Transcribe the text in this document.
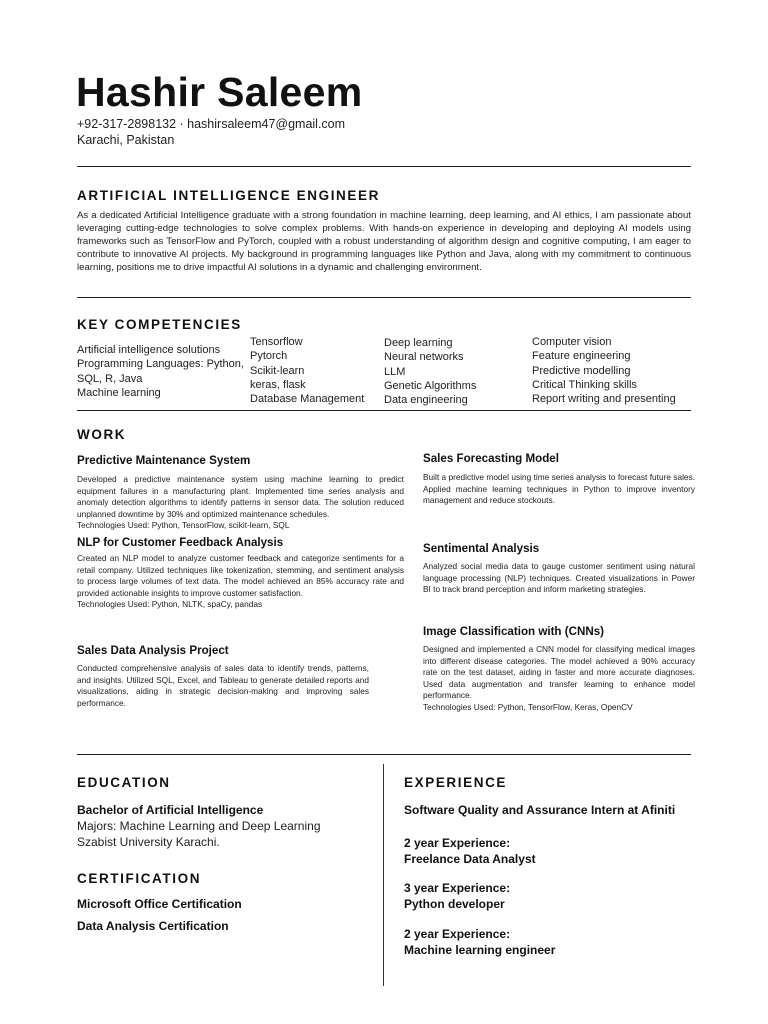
Hashir Saleem
+92-317-2898132 · hashirsaleem47@gmail.com
Karachi, Pakistan
ARTIFICIAL INTELLIGENCE ENGINEER
As a dedicated Artificial Intelligence graduate with a strong foundation in machine learning, deep learning, and AI ethics, I am passionate about leveraging cutting-edge technologies to solve complex problems. With hands-on experience in developing and deploying AI models using frameworks such as TensorFlow and PyTorch, coupled with a robust understanding of algorithm design and cognitive computing, I am eager to contribute to innovative AI projects. My background in programming languages like Python and Java, along with my commitment to continuous learning, positions me to drive impactful AI solutions in a dynamic and challenging environment.
KEY COMPETENCIES
Artificial intelligence solutions
Programming Languages: Python,
SQL, R, Java
Machine learning
Tensorflow
Pytorch
Scikit-learn
keras, flask
Database Management
Deep learning
Neural networks
LLM
Genetic Algorithms
Data engineering
Computer vision
Feature engineering
Predictive modelling
Critical Thinking skills
Report writing and presenting
WORK
Predictive Maintenance System
Developed a predictive maintenance system using machine learning to predict equipment failures in a manufacturing plant. Implemented time series analysis and anomaly detection algorithms to identify patterns in sensor data. The solution reduced unplanned downtime by 30% and optimized maintenance schedules.
Technologies Used: Python, TensorFlow, scikit-learn, SQL
NLP for Customer Feedback Analysis
Created an NLP model to analyze customer feedback and categorize sentiments for a retail company. Utilized techniques like tokenization, stemming, and sentiment analysis to process large volumes of text data. The model achieved an 85% accuracy rate and provided actionable insights to improve customer satisfaction.
Technologies Used: Python, NLTK, spaCy, pandas
Sales Data Analysis Project
Conducted comprehensive analysis of sales data to identify trends, patterns, and insights. Utilized SQL, Excel, and Tableau to generate detailed reports and visualizations, aiding in strategic decision-making and improving sales performance.
Sales Forecasting Model
Built a predictive model using time series analysis to forecast future sales. Applied machine learning techniques in Python to improve inventory management and reduce stockouts.
Sentimental Analysis
Analyzed social media data to gauge customer sentiment using natural language processing (NLP) techniques. Created visualizations in Power BI to track brand perception and inform marketing strategies.
Image Classification with (CNNs)
Designed and implemented a CNN model for classifying medical images into different disease categories. The model achieved a 90% accuracy rate on the test dataset, aiding in faster and more accurate diagnoses. Used data augmentation and transfer learning to enhance model performance.
Technologies Used: Python, TensorFlow, Keras, OpenCV
EDUCATION
Bachelor of Artificial Intelligence
Majors: Machine Learning and Deep Learning
Szabist University Karachi.
CERTIFICATION
Microsoft Office Certification
Data Analysis Certification
EXPERIENCE
Software Quality and Assurance Intern at Afiniti
2 year Experience:
Freelance Data Analyst
3 year Experience:
Python developer
2 year Experience:
Machine learning engineer
